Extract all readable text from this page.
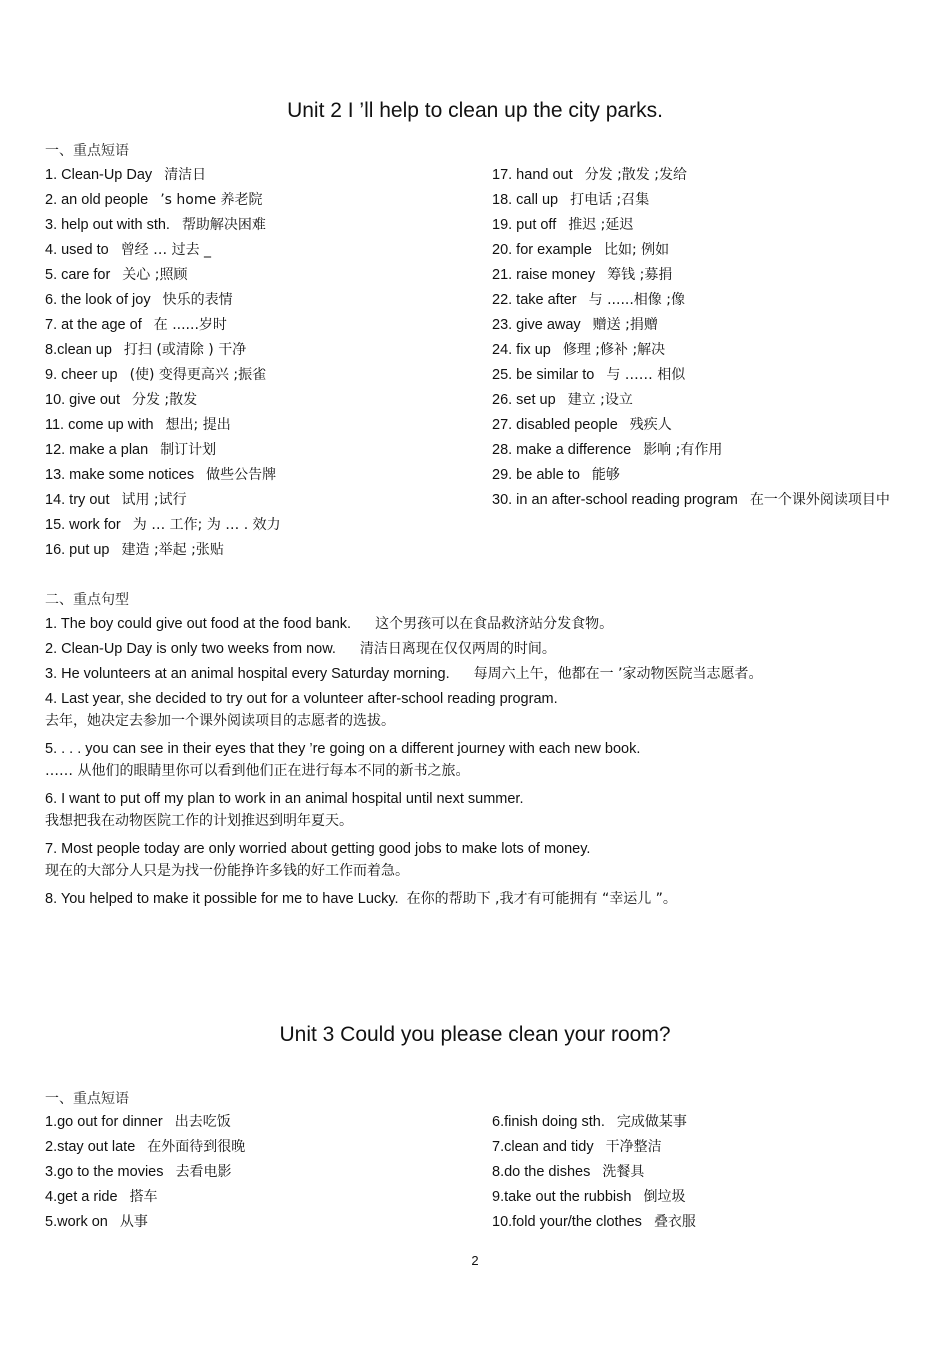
Unit 2 I ’ll help to clean up the city parks.
一、重点短语
1. Clean-Up Day 清洁日
2. an old people ’s home 养老院
3. help out with sth. 帮助解决困难
4. used to 曾经 … 过去 _
5. care for 关心 ;照顾
6. the look of joy 快乐的表情
7. at the age of 在 ......岁时
8.clean up 打扫 (或清除 ) 干净
9. cheer up (使) 变得更高兴 ;振雀
10. give out 分发 ;散发
11. come up with 想出; 提出
12. make a plan 制订计划
13. make some notices 做些公告牌
14. try out 试用 ;试行
15. work for 为 … 工作; 为 … . 效力
16. put up 建造 ;举起 ;张贴
17. hand out 分发 ;散发 ;发给
18. call up 打电话 ;召集
19. put off 推迟 ;延迟
20. for example 比如; 例如
21. raise money 筹钱 ;募捐
22. take after 与 ......相像 ;像
23. give away 赠送 ;捐赠
24. fix up 修理 ;修补 ;解决
25. be similar to 与 …… 相似
26. set up 建立 ;设立
27. disabled people 残疾人
28. make a difference 影响 ;有作用
29. be able to 能够
30. in an after-school reading program 在一个课外阅读项目中
二、重点句型
1. The boy could give out food at the food bank. 这个男孩可以在食品救济站分发食物。
2. Clean-Up Day is only two weeks from now. 清洁日离现在仅仅两周的时间。
3. He volunteers at an animal hospital every Saturday morning. 每周六上午，他都在一 ’家动物医院当志愿者。
4. Last year, she decided to try out for a volunteer after-school reading program.
去年，她决定去参加一个课外阅读项目的志愿者的选拔。
5. . . . you can see in their eyes that they ’re going on a different journey with each new book.
…… 从他们的眼睛里你可以看到他们正在进行每本不同的新书之旅。
6. I want to put off my plan to work in an animal hospital until next summer.
我想把我在动物医院工作的计划推迟到明年夏天。
7. Most people today are only worried about getting good jobs to make lots of money.
现在的大部分人只是为找一份能挣许多钱的好工作而着急。
8. You helped to make it possible for me to have Lucky. 在你的帮助下 ,我才有可能拥有 “幸运儿 ”。
Unit 3 Could you please clean your room?
一、重点短语
1.go out for dinner 出去吃饭
2.stay out late 在外面待到很晚
3.go to the movies 去看电影
4.get a ride 搭车
5.work on 从事
6.finish doing sth. 完成做某事
7.clean and tidy 干净整洁
8.do the dishes 洗餐具
9.take out the rubbish 倒垃圾
10.fold your/the clothes 叠衣服
2
